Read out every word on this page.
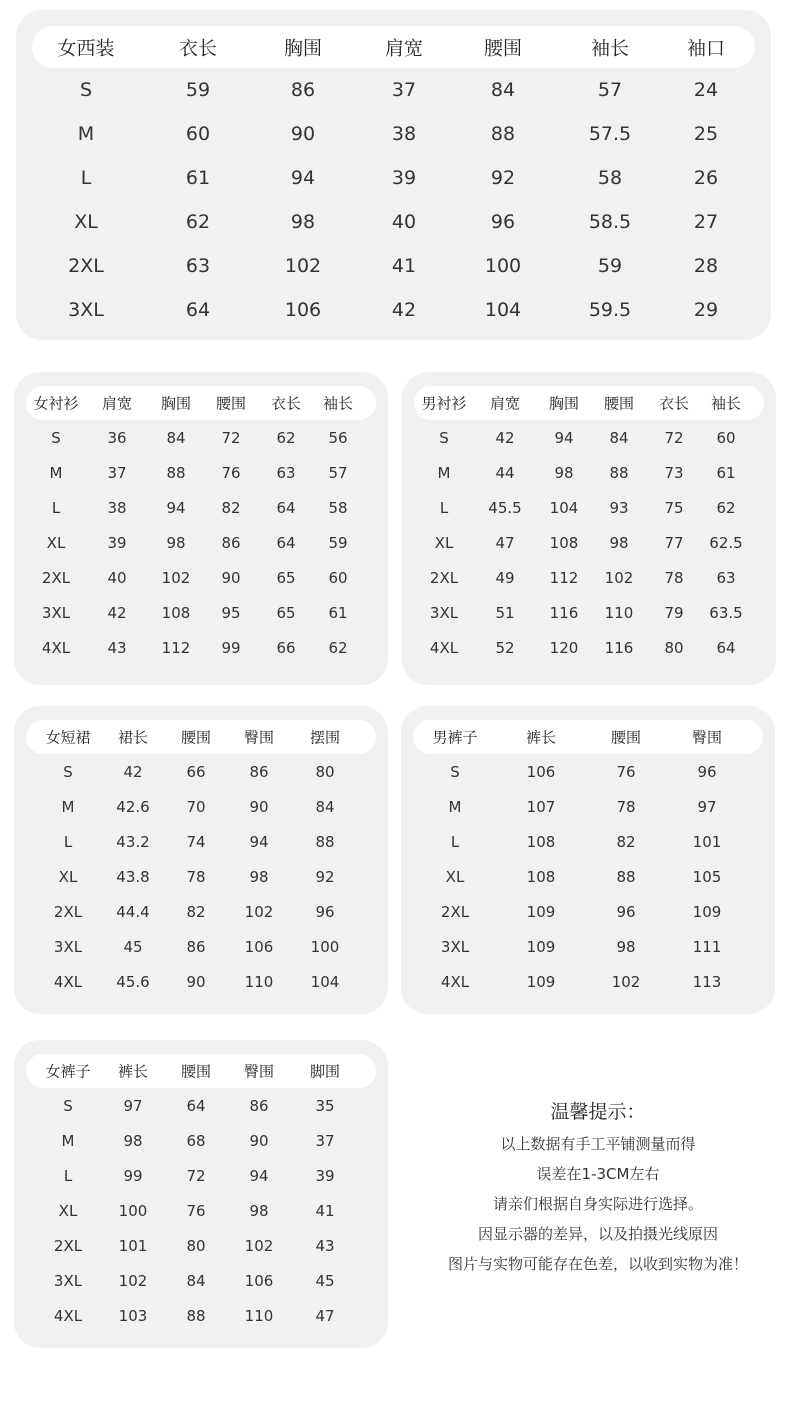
女西装	衣长	胸围	肩宽	腰围	袖长	袖口
S	59	86	37	84	57	24
M	60	90	38	88	57.5	25
L	61	94	39	92	58	26
XL	62	98	40	96	58.5	27
2XL	63	102	41	100	59	28
3XL	64	106	42	104	59.5	29
女衬衫 肩宽 胸围 腰围 衣长 袖长
S	36	84 72 62 56
M	37	88 76 63 57
L	38	94 82 64 58
XL	39	98 86 64 59
2XL 40 102 90 65 60
3XL 42 108 95 65 61
4XL 43 112 99 66 62
男衬衫 肩宽 胸围 腰围 衣长 袖长
S	42	94 84 72 60
M	44	98 88 73 61
L	45.5 104 93 75 62
XL	47 108 98 77 62.5
2XL 49 112 102 78 63
3XL 51 116 110 79 63.5
4XL 52 120 116 80 64
女短裙 裙长 腰围 臀围 摆围
S	42	66	86	80
M	42.6 70	90	84
L	43.2 74	94	88
XL	43.8 78	98	92
2XL 44.4 82	102	96
3XL	45	86	106 100
4XL 45.6 90	110 104
男裤子	裤长	腰围	臀围
S	106	76	96
M	107	78	97
L	108	82	101
XL	108	88	105
2XL	109	96	109
3XL	109	98	111
4XL	109	102	113
女裤子 裤长 腰围 臀围 脚围
S	97	64	86	35
M	98	68	90	37
L	99	72	94	39
XL	100	76	98	41
2XL 101	80	102	43
3XL 102	84	106	45
4XL 103	88	110	47
温馨提示：
以上数据有手工平铺测量而得
误差在1-3CM左右
请亲们根据自身实际进行选择。
因显示器的差异，以及拍摄光线原因
图片与实物可能存在色差，以收到实物为准！
